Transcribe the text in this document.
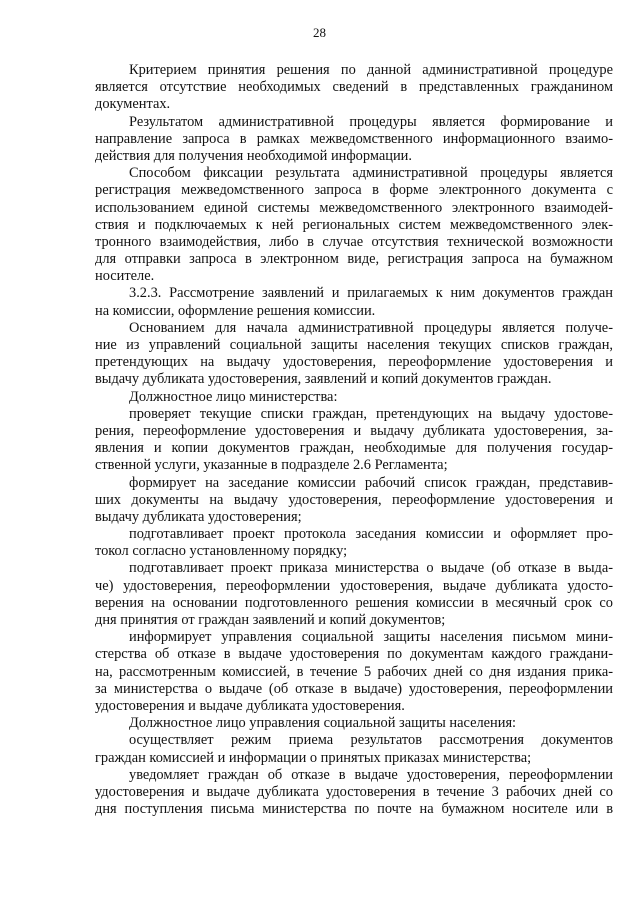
28
Критерием принятия решения по данной административной процедуре
является отсутствие необходимых сведений в представленных гражданином
документах.
Результатом административной процедуры является формирование и
направление запроса в рамках межведомственного информационного взаимо-
действия для получения необходимой информации.
Способом фиксации результата административной процедуры является
регистрация межведомственного запроса в форме электронного документа с
использованием единой системы межведомственного электронного взаимодей-
ствия и подключаемых к ней региональных систем межведомственного элек-
тронного взаимодействия, либо в случае отсутствия технической возможности
для отправки запроса в электронном виде, регистрация запроса на бумажном
носителе.
3.2.3. Рассмотрение заявлений и прилагаемых к ним документов граждан
на комиссии, оформление решения комиссии.
Основанием для начала административной процедуры является получе-
ние из управлений социальной защиты населения текущих списков граждан,
претендующих на выдачу удостоверения, переоформление удостоверения и
выдачу дубликата удостоверения, заявлений и копий документов граждан.
Должностное лицо министерства:
проверяет текущие списки граждан, претендующих на выдачу удостове-
рения, переоформление удостоверения и выдачу дубликата удостоверения, за-
явления и копии документов граждан, необходимые для получения государ-
ственной услуги, указанные в подразделе 2.6 Регламента;
формирует на заседание комиссии рабочий список граждан, представив-
ших документы на выдачу удостоверения, переоформление удостоверения и
выдачу дубликата удостоверения;
подготавливает проект протокола заседания комиссии и оформляет про-
токол согласно установленному порядку;
подготавливает проект приказа министерства о выдаче (об отказе в выда-
че) удостоверения, переоформлении удостоверения, выдаче дубликата удосто-
верения на основании подготовленного решения комиссии в месячный срок со
дня принятия от граждан заявлений и копий документов;
информирует управления социальной защиты населения письмом мини-
стерства об отказе в выдаче удостоверения по документам каждого граждани-
на, рассмотренным комиссией, в течение 5 рабочих дней со дня издания прика-
за министерства о выдаче (об отказе в выдаче) удостоверения, переоформлении
удостоверения и выдаче дубликата удостоверения.
Должностное лицо управления социальной защиты населения:
осуществляет режим приема результатов рассмотрения документов
граждан комиссией и информации о принятых приказах министерства;
уведомляет граждан об отказе в выдаче удостоверения, переоформлении
удостоверения и выдаче дубликата удостоверения в течение 3 рабочих дней со
дня поступления письма министерства по почте на бумажном носителе или в
